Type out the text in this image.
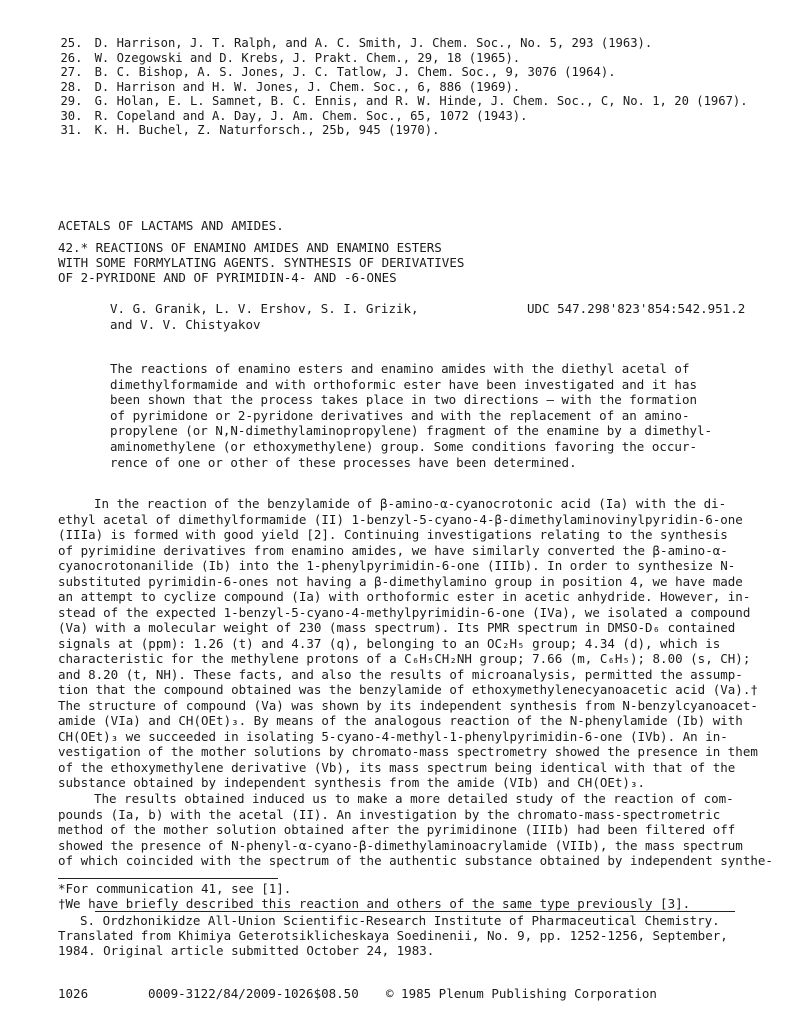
25. D. Harrison, J. T. Ralph, and A. C. Smith, J. Chem. Soc., No. 5, 293 (1963).
26. W. Ozegowski and D. Krebs, J. Prakt. Chem., 29, 18 (1965).
27. B. C. Bishop, A. S. Jones, J. C. Tatlow, J. Chem. Soc., 9, 3076 (1964).
28. D. Harrison and H. W. Jones, J. Chem. Soc., 6, 886 (1969).
29. G. Holan, E. L. Samnet, B. C. Ennis, and R. W. Hinde, J. Chem. Soc., C, No. 1, 20 (1967).
30. R. Copeland and A. Day, J. Am. Chem. Soc., 65, 1072 (1943).
31. K. H. Buchel, Z. Naturforsch., 25b, 945 (1970).
ACETALS OF LACTAMS AND AMIDES.
42.* REACTIONS OF ENAMINO AMIDES AND ENAMINO ESTERS
WITH SOME FORMYLATING AGENTS. SYNTHESIS OF DERIVATIVES
OF 2-PYRIDONE AND OF PYRIMIDIN-4- AND -6-ONES
V. G. Granik, L. V. Ershov, S. I. Grizik,
and V. V. Chistyakov
UDC 547.298'823'854:542.951.2
The reactions of enamino esters and enamino amides with the diethyl acetal of
dimethylformamide and with orthoformic ester have been investigated and it has
been shown that the process takes place in two directions — with the formation
of pyrimidone or 2-pyridone derivatives and with the replacement of an amino-
propylene (or N,N-dimethylaminopropylene) fragment of the enamine by a dimethyl-
aminomethylene (or ethoxymethylene) group. Some conditions favoring the occur-
rence of one or other of these processes have been determined.
In the reaction of the benzylamide of β-amino-α-cyanocrotonic acid (Ia) with the di-
ethyl acetal of dimethylformamide (II) 1-benzyl-5-cyano-4-β-dimethylaminovinylpyridin-6-one
(IIIa) is formed with good yield [2]. Continuing investigations relating to the synthesis
of pyrimidine derivatives from enamino amides, we have similarly converted the β-amino-α-
cyanocrotonanilide (Ib) into the 1-phenylpyrimidin-6-one (IIIb). In order to synthesize N-
substituted pyrimidin-6-ones not having a β-dimethylamino group in position 4, we have made
an attempt to cyclize compound (Ia) with orthoformic ester in acetic anhydride. However, in-
stead of the expected 1-benzyl-5-cyano-4-methylpyrimidin-6-one (IVa), we isolated a compound
(Va) with a molecular weight of 230 (mass spectrum). Its PMR spectrum in DMSO-D₆ contained
signals at (ppm): 1.26 (t) and 4.37 (q), belonging to an OC₂H₅ group; 4.34 (d), which is
characteristic for the methylene protons of a C₆H₅CH₂NH group; 7.66 (m, C₆H₅); 8.00 (s, CH);
and 8.20 (t, NH). These facts, and also the results of microanalysis, permitted the assump-
tion that the compound obtained was the benzylamide of ethoxymethylenecyanoacetic acid (Va).†
The structure of compound (Va) was shown by its independent synthesis from N-benzylcyanoacet-
amide (VIa) and CH(OEt)₃. By means of the analogous reaction of the N-phenylamide (Ib) with
CH(OEt)₃ we succeeded in isolating 5-cyano-4-methyl-1-phenylpyrimidin-6-one (IVb). An in-
vestigation of the mother solutions by chromato-mass spectrometry showed the presence in them
of the ethoxymethylene derivative (Vb), its mass spectrum being identical with that of the
substance obtained by independent synthesis from the amide (VIb) and CH(OEt)₃.
The results obtained induced us to make a more detailed study of the reaction of com-
pounds (Ia, b) with the acetal (II). An investigation by the chromato-mass-spectrometric
method of the mother solution obtained after the pyrimidinone (IIIb) had been filtered off
showed the presence of N-phenyl-α-cyano-β-dimethylaminoacrylamide (VIIb), the mass spectrum
of which coincided with the spectrum of the authentic substance obtained by independent synthe-
*For communication 41, see [1].
†We have briefly described this reaction and others of the same type previously [3].
S. Ordzhonikidze All-Union Scientific-Research Institute of Pharmaceutical Chemistry.
Translated from Khimiya Geterotsiklicheskaya Soedinenii, No. 9, pp. 1252-1256, September,
1984. Original article submitted October 24, 1983.
1026	0009-3122/84/2009-1026$08.50 © 1985 Plenum Publishing Corporation
